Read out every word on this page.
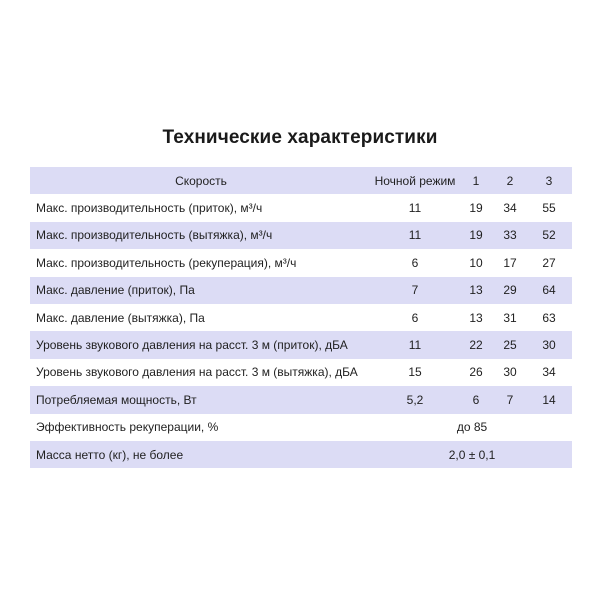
Технические характеристики
Скорость	Ночной режим	1	2	3
Макс. производительность (приток), м³/ч	11	19	34	55
Макс. производительность (вытяжка), м³/ч	11	19	33	52
Макс. производительность (рекуперация), м³/ч	6	10	17	27
Макс. давление (приток), Па	7	13	29	64
Макс. давление (вытяжка), Па	6	13	31	63
Уровень звукового давления на расст. 3 м (приток), дБА	11	22	25	30
Уровень звукового давления на расст. 3 м (вытяжка), дБА	15	26	30	34
Потребляемая мощность, Вт	5,2	6	7	14
Эффективность рекуперации, %	до 85			
Масса нетто (кг), не более	2,0 ± 0,1			
